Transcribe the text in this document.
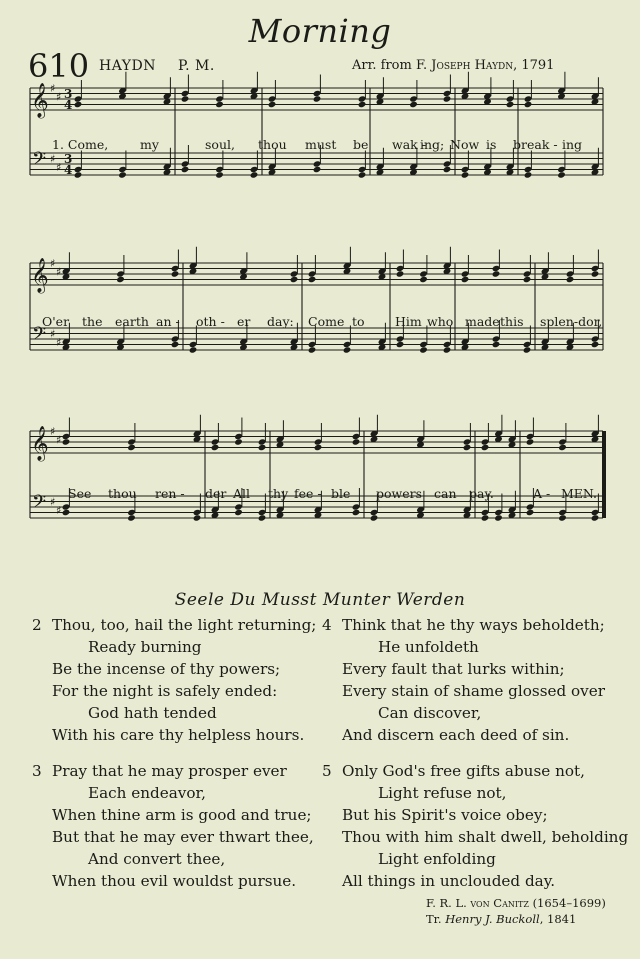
Morning
610 HAYDN P. M.	Arr. from F. Joseph Haydn, 1791
𝄞 ♯
♯ 3
4
𝄢 ♯
♯
3
4
𝄞 ♯
♯
𝄢 ♯
♯
𝄞 ♯
♯
𝄢 ♯
♯
1. Come,	my	soul, thou must be wak -
ing; Now is break - ing
O'er the earth an - oth - er day: Come to Him who made this splen-dor,
See thou ren - der All thy fee - ble powers can pay.	A - MEN.
Seele Du Musst Munter Werden
2 Thou, too, hail the light returning;
Ready burning
Be the incense of thy powers;
For the night is safely ended:
God hath tended
With his care thy helpless hours.
4 Think that he thy ways beholdeth;
He unfoldeth
Every fault that lurks within;
Every stain of shame glossed over
Can discover,
And discern each deed of sin.
3 Pray that he may prosper ever
Each endeavor,
When thine arm is good and true;
But that he may ever thwart thee,
And convert thee,
When thou evil wouldst pursue.
5 Only God's free gifts abuse not,
Light refuse not,
But his Spirit's voice obey;
Thou with him shalt dwell, beholding
Light enfolding
All things in unclouded day.
F. R. L. von Canitz (1654–1699)
Tr. Henry J. Buckoll, 1841
